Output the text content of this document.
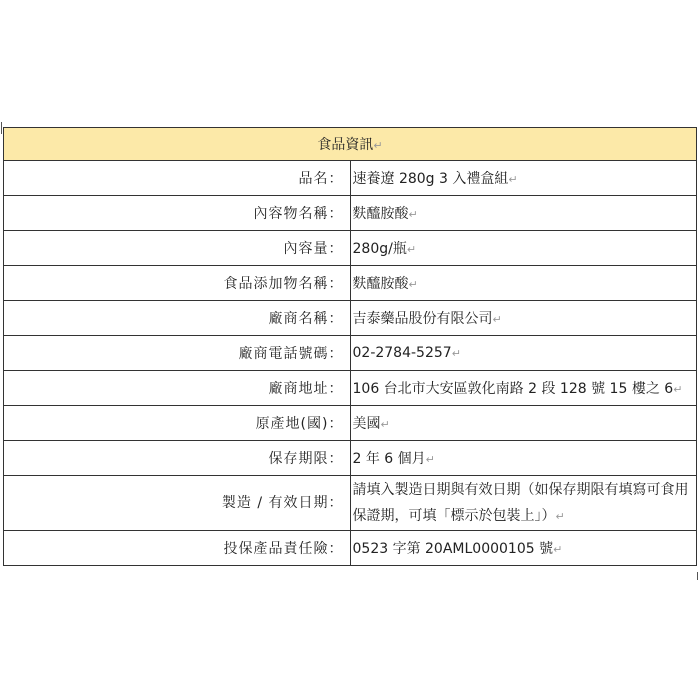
食品資訊↵	
品名：	速養遼 280g 3 入禮盒組↵
內容物名稱：	麩醯胺酸↵
內容量：	280g/瓶↵
食品添加物名稱：	麩醯胺酸↵
廠商名稱：	吉泰藥品股份有限公司↵
廠商電話號碼：	02-2784-5257↵
廠商地址：	106 台北市大安區敦化南路 2 段 128 號 15 樓之 6↵
原產地(國)：	美國↵
保存期限：	2 年 6 個月↵
製造 / 有效日期：	請填入製造日期與有效日期（如保存期限有填寫可食用保證期，可填「標示於包裝上」）↵
投保產品責任險：	0523 字第 20AML0000105 號↵
